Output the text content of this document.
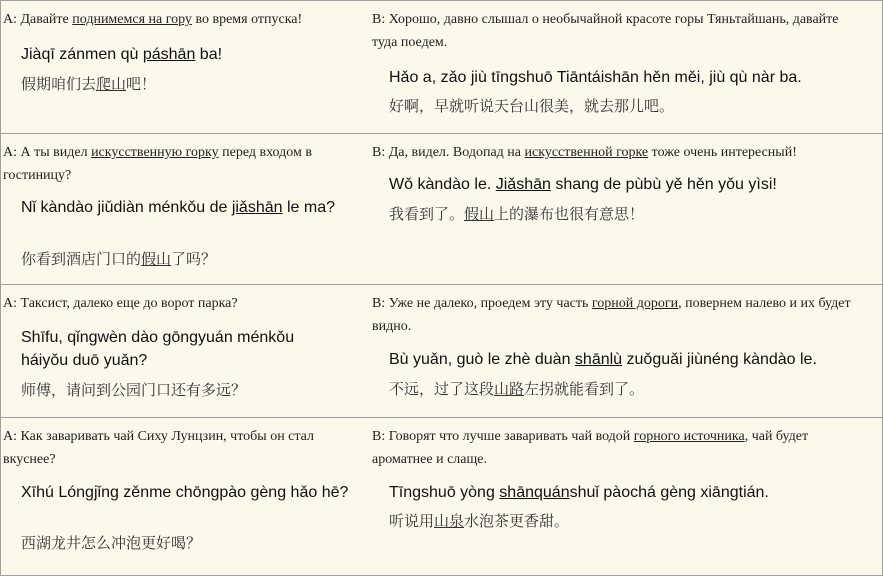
A: Давайте поднимемся на гору во время отпуска!
Jiàqī zánmen qù páshān ba!
假期咱们去爬山吧！
B: Хорошо, давно слышал о необычайной красоте горы Тяньтайшань, давайте туда поедем.
Hǎo a, zǎo jiù tīngshuō Tiāntáishān hěn měi, jiù qù nàr ba.
好啊，早就听说天台山很美，就去那儿吧。
A: А ты видел искусственную горку перед входом в гостиницу?
Nǐ kàndào jiǔdiàn ménkǒu de jiǎshān le ma?
你看到酒店门口的假山了吗？
B: Да, видел. Водопад на искусственной горке тоже очень интересный!
Wǒ kàndào le. Jiǎshān shang de pùbù yě hěn yǒu yìsi!
我看到了。假山上的瀑布也很有意思！
A: Таксист, далеко еще до ворот парка?
Shīfu, qǐngwèn dào gōngyuán ménkǒu háiyǒu duō yuǎn?
师傅，请问到公园门口还有多远？
B: Уже не далеко, проедем эту часть горной дороги, повернем налево и их будет видно.
Bù yuǎn, guò le zhè duàn shānlù zuǒguǎi jiùnéng kàndào le.
不远，过了这段山路左拐就能看到了。
A: Как заваривать чай Сиху Лунцзин, чтобы он стал вкуснее?
Xīhú Lóngjǐng zěnme chōngpào gèng hǎo hē?
西湖龙井怎么冲泡更好喝？
B: Говорят что лучше заваривать чай водой горного источника, чай будет ароматнее и слаще.
Tīngshuō yòng shānquánshuǐ pàochá gèng xiāngtián.
听说用山泉水泡茶更香甜。
